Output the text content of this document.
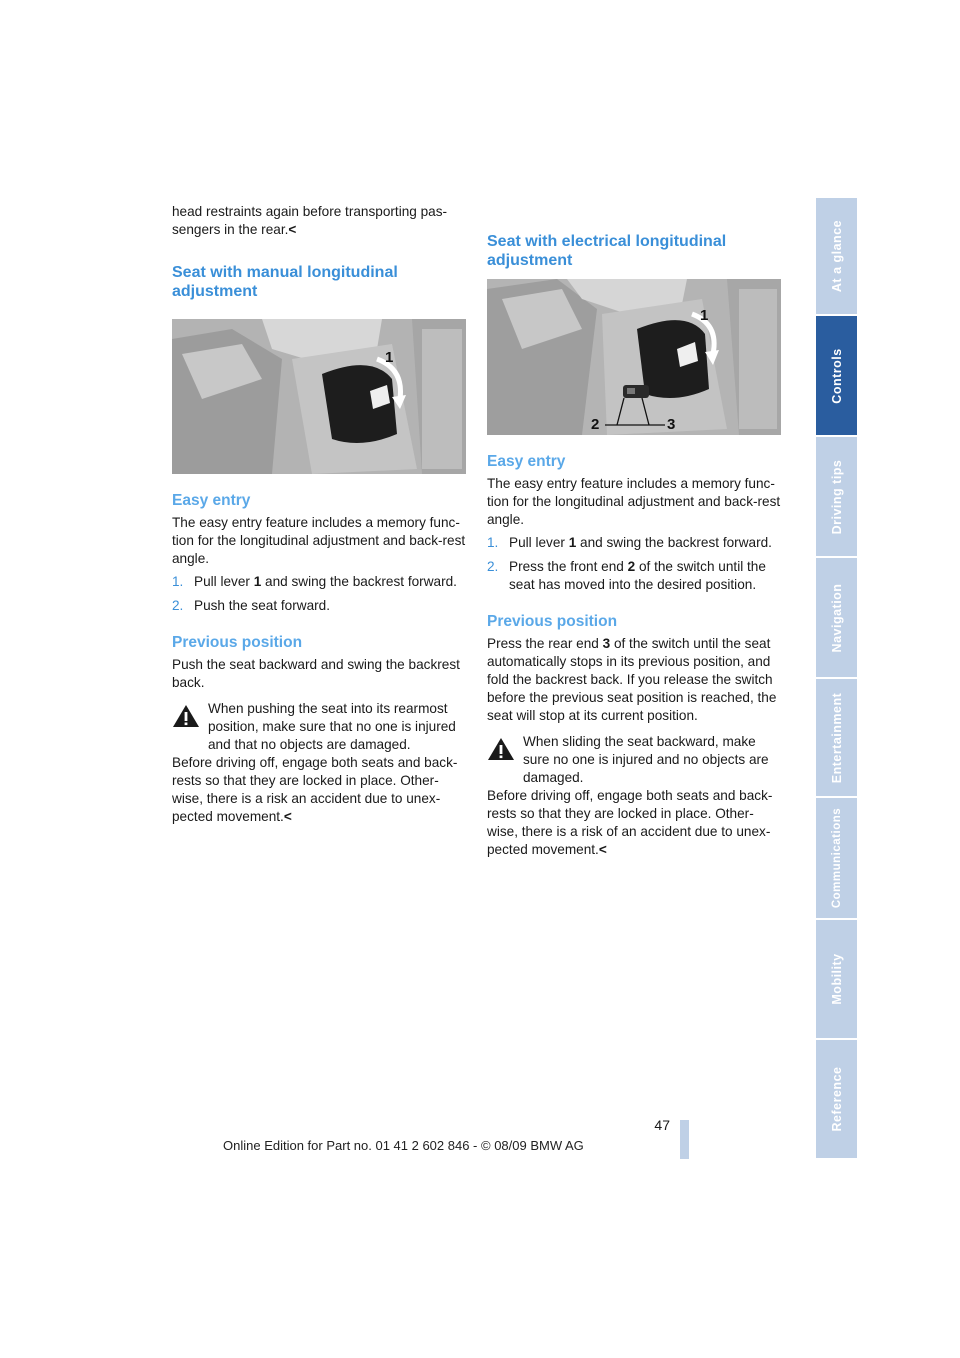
head restraints again before transporting pas-sengers in the rear.<

Seat with manual longitudinal adjustment
1
Easy entry

The easy entry feature includes a memory func-tion for the longitudinal adjustment and back-rest angle.

1. Pull lever 1 and swing the backrest forward.
2. Push the seat forward.
Previous position

Push the seat backward and swing the backrest back.

When pushing the seat into its rearmost position, make sure that no one is injured and that no objects are damaged.

Before driving off, engage both seats and back-rests so that they are locked in place. Other-wise, there is a risk an accident due to unex-pected movement.<

Seat with electrical longitudinal adjustment
1
2	3
Easy entry

The easy entry feature includes a memory func-tion for the longitudinal adjustment and back-rest angle.

1. Pull lever 1 and swing the backrest forward.
2. Press the front end 2 of the switch until the seat has moved into the desired position.
Previous position

Press the rear end 3 of the switch until the seat automatically stops in its previous position, and fold the backrest back. If you release the switch before the previous seat position is reached, the seat will stop at its current position.

When sliding the seat backward, make sure no one is injured and no objects are damaged.

Before driving off, engage both seats and back-rests so that they are locked in place. Other-wise, there is a risk of an accident due to unex-pected movement.<

At a glance
Controls
Driving tips
Navigation
Entertainment
Communications
Mobility
Reference
47
Online Edition for Part no. 01 41 2 602 846 - © 08/09 BMW AG
